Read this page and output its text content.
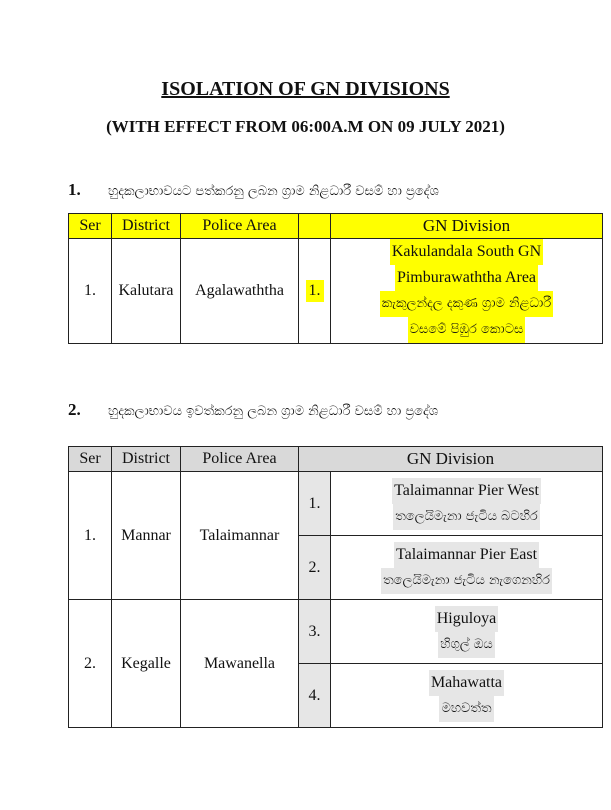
ISOLATION OF GN DIVISIONS
(WITH EFFECT FROM 06:00A.M ON 09 JULY 2021)
1. හුදකලාභාවයට පත්කරනු ලබන ග්‍රාම නිළධාරී වසම් හා ප්‍රදේශ
Ser	District	Police Area		GN Division
1.	Kalutara	Agalawaththa	1.	Kakulandala South GN
Pimburawaththa Area
කැකුලන්දල දකුණ ග්‍රාම නිළධාරී
වසමේ පිඹුර කොටස
2. හුදකලාභාවය ඉවත්කරනු ලබන ග්‍රාම නිළධාරී වසම් හා ප්‍රදේශ
Ser	District	Police Area	GN Division	
1.	Mannar	Talaimannar	1.	Talaimannar Pier West
තලෙයිමැනා ජැටිය බටහිර
			2.	Talaimannar Pier East
තලෙයිමැනා ජැටිය නැගෙනහිර
2.	Kegalle	Mawanella	3.	Higuloya
හිගුල් ඔය
			4.	Mahawatta
මහවත්ත
